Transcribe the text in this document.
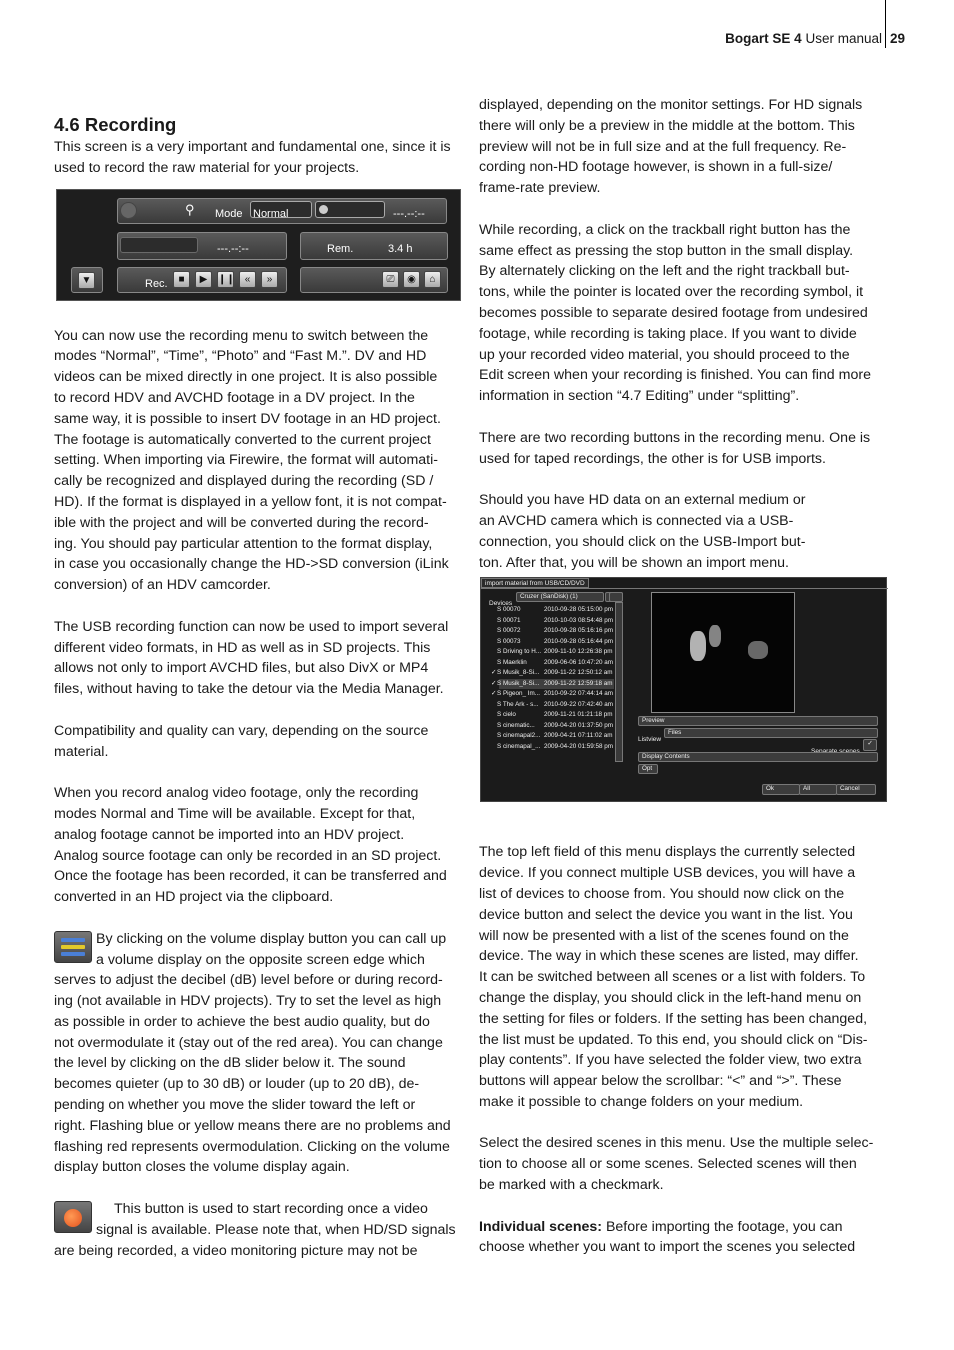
Bogart SE 4 User manual 29
4.6 Recording
This screen is a very important and fundamental one, since it is
used to record the raw material for your projects.
⚲ Mode Normal	---.--:--
---.--:--	Rem.	3.4 h
▼	Rec.	■	▶	❙❙ «	»	⎚	◉	⌂

You can now use the recording menu to switch between the
modes “Normal”, “Time”, “Photo” and “Fast M.”. DV and HD
videos can be mixed directly in one project. It is also possible
to record HDV and AVCHD footage in a DV project. In the
same way, it is possible to insert DV footage in an HD project.
The footage is automatically converted to the current project
setting. When importing via Firewire, the format will automati-
cally be recognized and displayed during the recording (SD /
HD). If the format is displayed in a yellow font, it is not compat-
ible with the project and will be converted during the record-
ing. You should pay particular attention to the format display,
in case you occasionally change the HD->SD conversion (iLink
conversion) of an HDV camcorder.

The USB recording function can now be used to import several
different video formats, in HD as well as in SD projects. This
allows not only to import AVCHD files, but also DivX or MP4
files, without having to take the detour via the Media Manager.

Compatibility and quality can vary, depending on the source
material.

When you record analog video footage, only the recording
modes Normal and Time will be available. Except for that,
analog footage cannot be imported into an HDV project.
Analog source footage can only be recorded in an SD project.
Once the footage has been recorded, it can be transferred and
converted in an HD project via the clipboard.

By clicking on the volume display button you can call up
a volume display on the opposite screen edge which
serves to adjust the decibel (dB) level before or during record-
ing (not available in HDV projects). Try to set the level as high
as possible in order to achieve the best audio quality, but do
not overmodulate it (stay out of the red area). You can change
the level by clicking on the dB slider below it. The sound
becomes quieter (up to 30 dB) or louder (up to 20 dB), de-
pending on whether you move the slider toward the left or
right. Flashing blue or yellow means there are no problems and
flashing red represents overmodulation. Clicking on the volume
display button closes the volume display again.

This button is used to start recording once a video
signal is available. Please note that, when HD/SD signals
are being recorded, a video monitoring picture may not be

displayed, depending on the monitor settings. For HD signals
there will only be a preview in the middle at the bottom. This
preview will not be in full size and at the full frequency. Re-
cording non-HD footage however, is shown in a full-size/
frame-rate preview.

While recording, a click on the trackball right button has the
same effect as pressing the stop button in the small display.
By alternately clicking on the left and the right trackball but-
tons, while the pointer is located over the recording symbol, it
becomes possible to separate desired footage from undesired
footage, while recording is taking place. If you want to divide
up your recorded video material, you should proceed to the
Edit screen when your recording is finished. You can find more
information in section “4.7 Editing” under “splitting”.

There are two recording buttons in the recording menu. One is
used for taped recordings, the other is for USB imports.

Should you have HD data on an external medium or
an AVCHD camera which is connected via a USB-
connection, you should click on the USB-Import but-
ton. After that, you will be shown an import menu.
import material from USB/CD/DVD
Devices
Cruzer (SanDisk) (1)
S 00070	2010-09-28 05:15:00 pm
S 00071	2010-10-03 08:54:48 pm
S 00072	2010-09-28 05:16:16 pm
S 00073	2010-09-28 05:16:44 pm
S Driving to H... 2009-11-10 12:26:38 pm
S Maerklin	2009-06-06 10:47:20 am
✓ S Musik_8-Si... 2009-11-22 12:50:12 am
✓ S Musik_8-Si... 2009-11-22 12:59:18 am
✓ S Pigeon_ Im... 2010-09-22 07:44:14 am
S The Ark - s... 2010-09-22 07:42:40 am
S cielo	2009-11-21 01:21:18 pm
S cinematic...	2009-04-20 01:37:50 pm
S cinemapal2... 2009-04-21 07:11:02 am
S cinemapal_... 2009-04-20 01:59:58 pm
Preview
Listview
Files
✓
Display Contents
Opt
Ok	All	Cancel

The top left field of this menu displays the currently selected
device. If you connect multiple USB devices, you will have a
list of devices to choose from. You should now click on the
device button and select the device you want in the list. You
will now be presented with a list of the scenes found on the
device. The way in which these scenes are listed, may differ.
It can be switched between all scenes or a list with folders. To
change the display, you should click in the left-hand menu on
the setting for files or folders. If the setting has been changed,
the list must be updated. To this end, you should click on “Dis-
play contents”. If you have selected the folder view, two extra
buttons will appear below the scrollbar: “<” and “>”. These
make it possible to change folders on your medium.

Select the desired scenes in this menu. Use the multiple selec-
tion to choose all or some scenes. Selected scenes will then
be marked with a checkmark.

Individual scenes: Before importing the footage, you can
choose whether you want to import the scenes you selected
